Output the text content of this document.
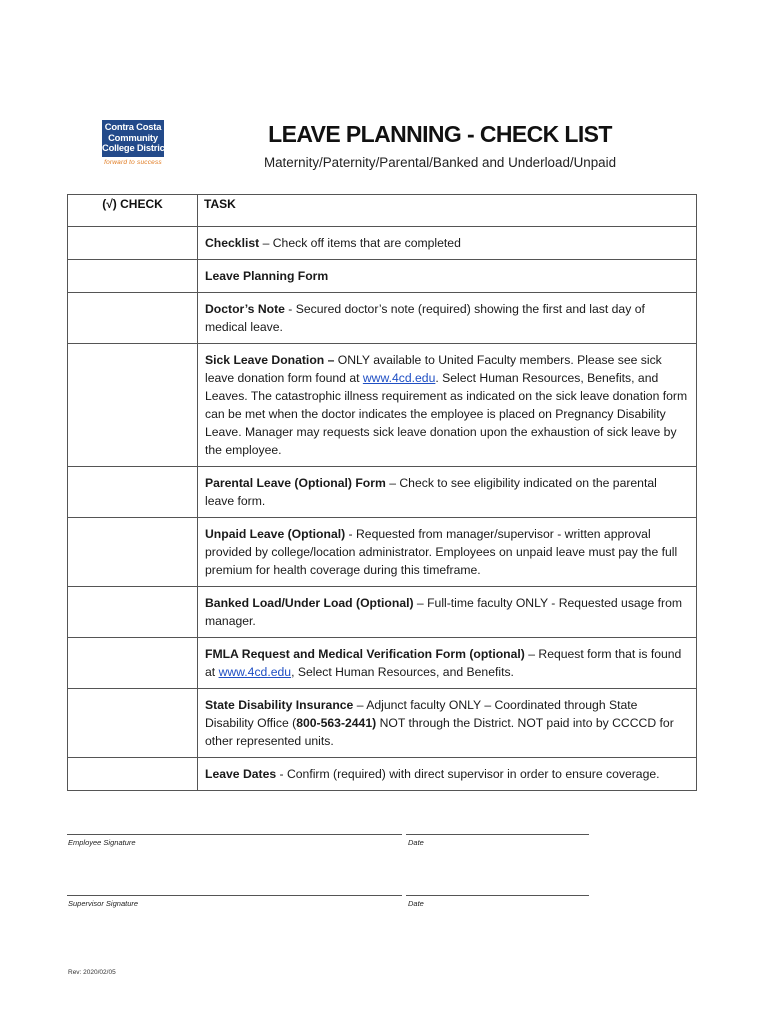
Contra Costa
Community
College District
forward to success
LEAVE PLANNING - CHECK LIST
Maternity/Paternity/Parental/Banked and Underload/Unpaid
(√) CHECK	TASK
	Checklist – Check off items that are completed
	Leave Planning Form
	Doctor’s Note - Secured doctor’s note (required) showing the first and last day of medical leave.
	Sick Leave Donation – ONLY available to United Faculty members. Please see sick leave donation form found at www.4cd.edu. Select Human Resources, Benefits, and Leaves. The catastrophic illness requirement as indicated on the sick leave donation form can be met when the doctor indicates the employee is placed on Pregnancy Disability Leave. Manager may requests sick leave donation upon the exhaustion of sick leave by the employee.
	Parental Leave (Optional) Form – Check to see eligibility indicated on the parental leave form.
	Unpaid Leave (Optional) - Requested from manager/supervisor - written approval provided by college/location administrator. Employees on unpaid leave must pay the full premium for health coverage during this timeframe.
	Banked Load/Under Load (Optional) – Full-time faculty ONLY - Requested usage from manager.
	FMLA Request and Medical Verification Form (optional) – Request form that is found at www.4cd.edu, Select Human Resources, and Benefits.
	State Disability Insurance – Adjunct faculty ONLY – Coordinated through State Disability Office (800-563-2441) NOT through the District. NOT paid into by CCCCD for other represented units.
	Leave Dates - Confirm (required) with direct supervisor in order to ensure coverage.
Employee Signature	Date
Supervisor Signature	Date
Rev: 2020/02/05
